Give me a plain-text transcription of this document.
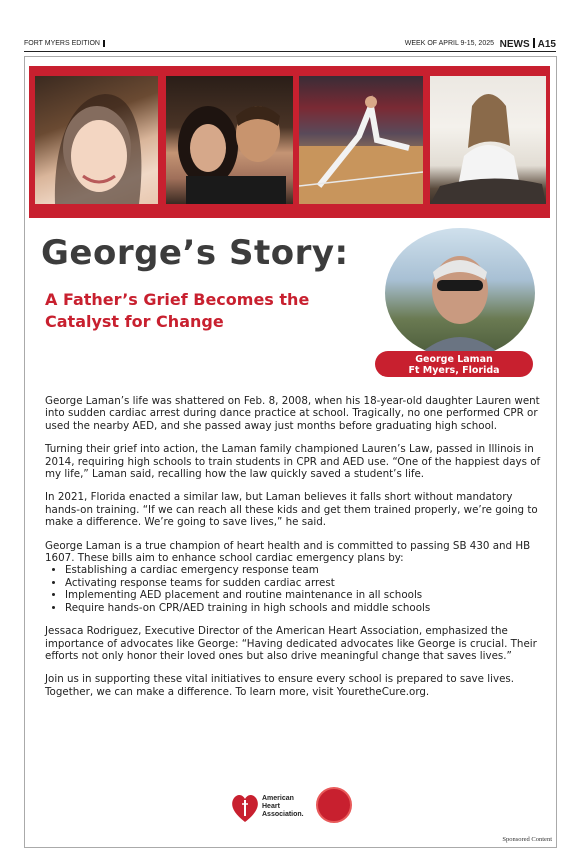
FORT MYERS EDITION	WEEK OF APRIL 9-15, 2025 NEWS A15
George’s Story:
A Father’s Grief Becomes the Catalyst for Change
George Laman
Ft Myers, Florida

George Laman’s life was shattered on Feb. 8, 2008, when his 18-year-old daughter Lauren went into sudden cardiac arrest during dance practice at school. Tragically, no one performed CPR or used the nearby AED, and she passed away just months before graduating high school.

Turning their grief into action, the Laman family championed Lauren’s Law, passed in Illinois in 2014, requiring high schools to train students in CPR and AED use. “One of the happiest days of my life,” Laman said, recalling how the law quickly saved a student’s life.

In 2021, Florida enacted a similar law, but Laman believes it falls short without mandatory hands-on training. “If we can reach all these kids and get them trained properly, we’re going to make a difference. We’re going to save lives,” he said.

George Laman is a true champion of heart health and is committed to passing SB 430 and HB 1607. These bills aim to enhance school cardiac emergency plans by:

• Establishing a cardiac emergency response team
• Activating response teams for sudden cardiac arrest
• Implementing AED placement and routine maintenance in all schools
• Require hands-on CPR/AED training in high schools and middle schools

Jessaca Rodriguez, Executive Director of the American Heart Association, emphasized the importance of advocates like George: “Having dedicated advocates like George is crucial. Their efforts not only honor their loved ones but also drive meaningful change that saves lives.”

Join us in supporting these vital initiatives to ensure every school is prepared to save lives. Together, we can make a difference. To learn more, visit YouretheCure.org.

American
Heart
Association.
Sponsored Content
